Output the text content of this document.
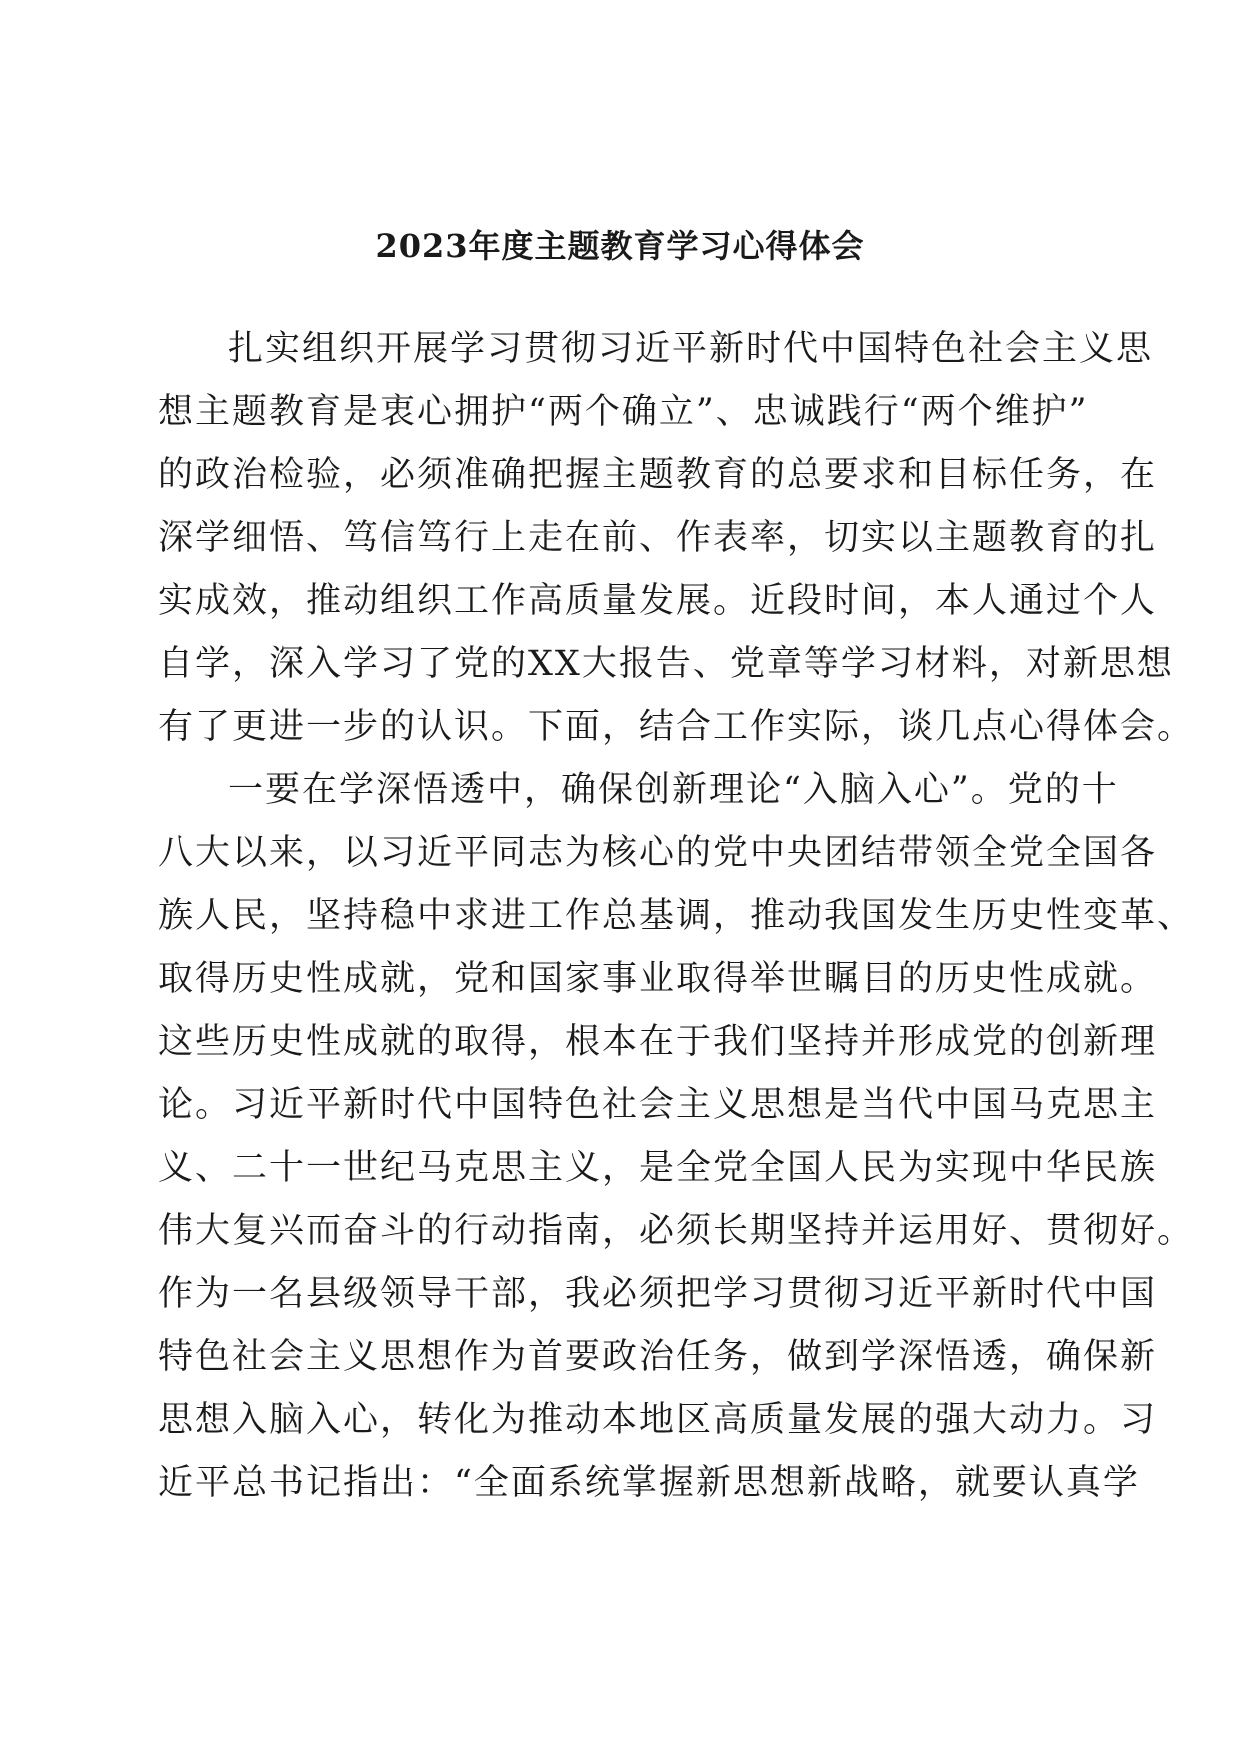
2023年度主题教育学习心得体会
扎实组织开展学习贯彻习近平新时代中国特色社会主义思
想主题教育是衷心拥护“两个确立”、忠诚践行“两个维护”
的政治检验，必须准确把握主题教育的总要求和目标任务，在
深学细悟、笃信笃行上走在前、作表率，切实以主题教育的扎
实成效，推动组织工作高质量发展。近段时间，本人通过个人
自学，深入学习了党的XX大报告、党章等学习材料，对新思想
有了更进一步的认识。下面，结合工作实际，谈几点心得体会。
一要在学深悟透中，确保创新理论“入脑入心”。党的十
八大以来，以习近平同志为核心的党中央团结带领全党全国各
族人民，坚持稳中求进工作总基调，推动我国发生历史性变革、
取得历史性成就，党和国家事业取得举世瞩目的历史性成就。
这些历史性成就的取得，根本在于我们坚持并形成党的创新理
论。习近平新时代中国特色社会主义思想是当代中国马克思主
义、二十一世纪马克思主义，是全党全国人民为实现中华民族
伟大复兴而奋斗的行动指南，必须长期坚持并运用好、贯彻好。
作为一名县级领导干部，我必须把学习贯彻习近平新时代中国
特色社会主义思想作为首要政治任务，做到学深悟透，确保新
思想入脑入心，转化为推动本地区高质量发展的强大动力。习
近平总书记指出：“全面系统掌握新思想新战略，就要认真学
